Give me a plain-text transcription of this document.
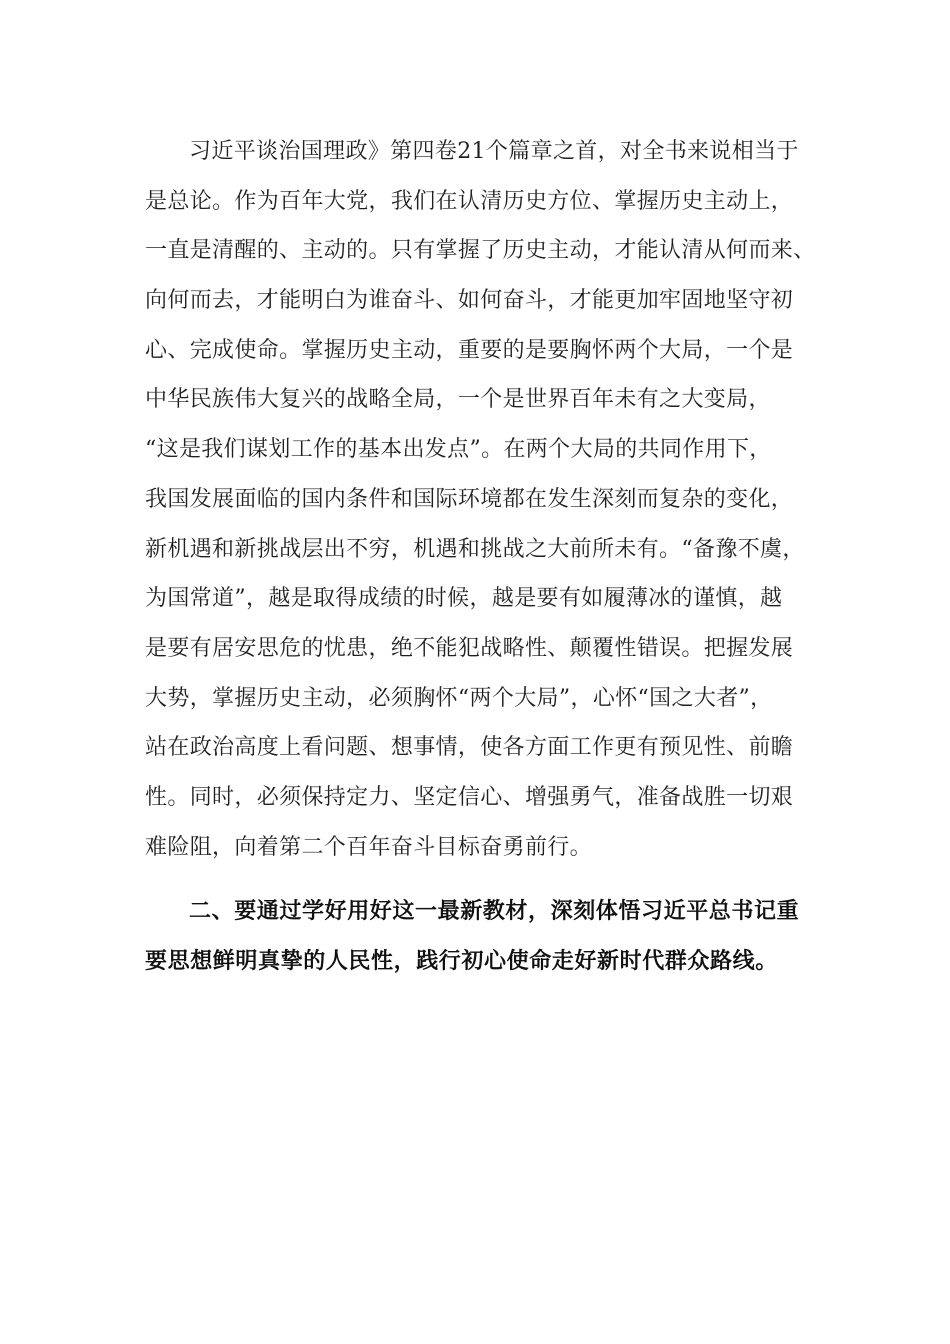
习近平谈治国理政》第四卷21个篇章之首，对全书来说相当于
是总论。作为百年大党，我们在认清历史方位、掌握历史主动上，
一直是清醒的、主动的。只有掌握了历史主动，才能认清从何而来、
向何而去，才能明白为谁奋斗、如何奋斗，才能更加牢固地坚守初
心、完成使命。掌握历史主动，重要的是要胸怀两个大局，一个是
中华民族伟大复兴的战略全局，一个是世界百年未有之大变局，
“这是我们谋划工作的基本出发点”。在两个大局的共同作用下，
我国发展面临的国内条件和国际环境都在发生深刻而复杂的变化，
新机遇和新挑战层出不穷，机遇和挑战之大前所未有。“备豫不虞，
为国常道”，越是取得成绩的时候，越是要有如履薄冰的谨慎，越
是要有居安思危的忧患，绝不能犯战略性、颠覆性错误。把握发展
大势，掌握历史主动，必须胸怀“两个大局”，心怀“国之大者”，
站在政治高度上看问题、想事情，使各方面工作更有预见性、前瞻
性。同时，必须保持定力、坚定信心、增强勇气，准备战胜一切艰
难险阻，向着第二个百年奋斗目标奋勇前行。
二、要通过学好用好这一最新教材，深刻体悟习近平总书记重
要思想鲜明真挚的人民性，践行初心使命走好新时代群众路线。
